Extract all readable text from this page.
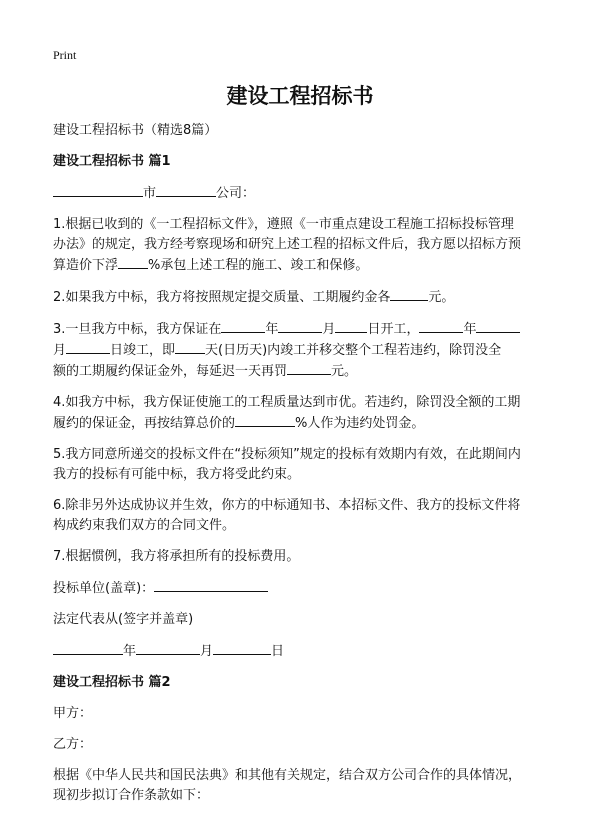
Print
建设工程招标书

建设工程招标书（精选8篇）

建设工程招标书 篇1

市	公司：

1.根据已收到的《一工程招标文件》，遵照《一市重点建设工程施工招标投标管理

办法》的规定，我方经考察现场和研究上述工程的招标文件后，我方愿以招标方预

算造价下浮 %承包上述工程的施工、竣工和保修。

2.如果我方中标，我方将按照规定提交质量、工期履约金各	元。

3.一旦我方中标，我方保证在	年	月 日开工，	年

月	日竣工，即 天(日历天)内竣工并移交整个工程若违约，除罚没全

额的工期履约保证金外，每延迟一天再罚	元。

4.如我方中标，我方保证使施工的工程质量达到市优。若违约，除罚没全额的工期

履约的保证金，再按结算总价的	%人作为违约处罚金。

5.我方同意所递交的投标文件在“投标须知”规定的投标有效期内有效，在此期间内

我方的投标有可能中标，我方将受此约束。

6.除非另外达成协议并生效，你方的中标通知书、本招标文件、我方的投标文件将

构成约束我们双方的合同文件。

7.根据惯例，我方将承担所有的投标费用。

投标单位(盖章)：

法定代表从(签字并盖章)

年	月	日

建设工程招标书 篇2

甲方：

乙方：

根据《中华人民共和国民法典》和其他有关规定，结合双方公司合作的具体情况，

现初步拟订合作条款如下：
